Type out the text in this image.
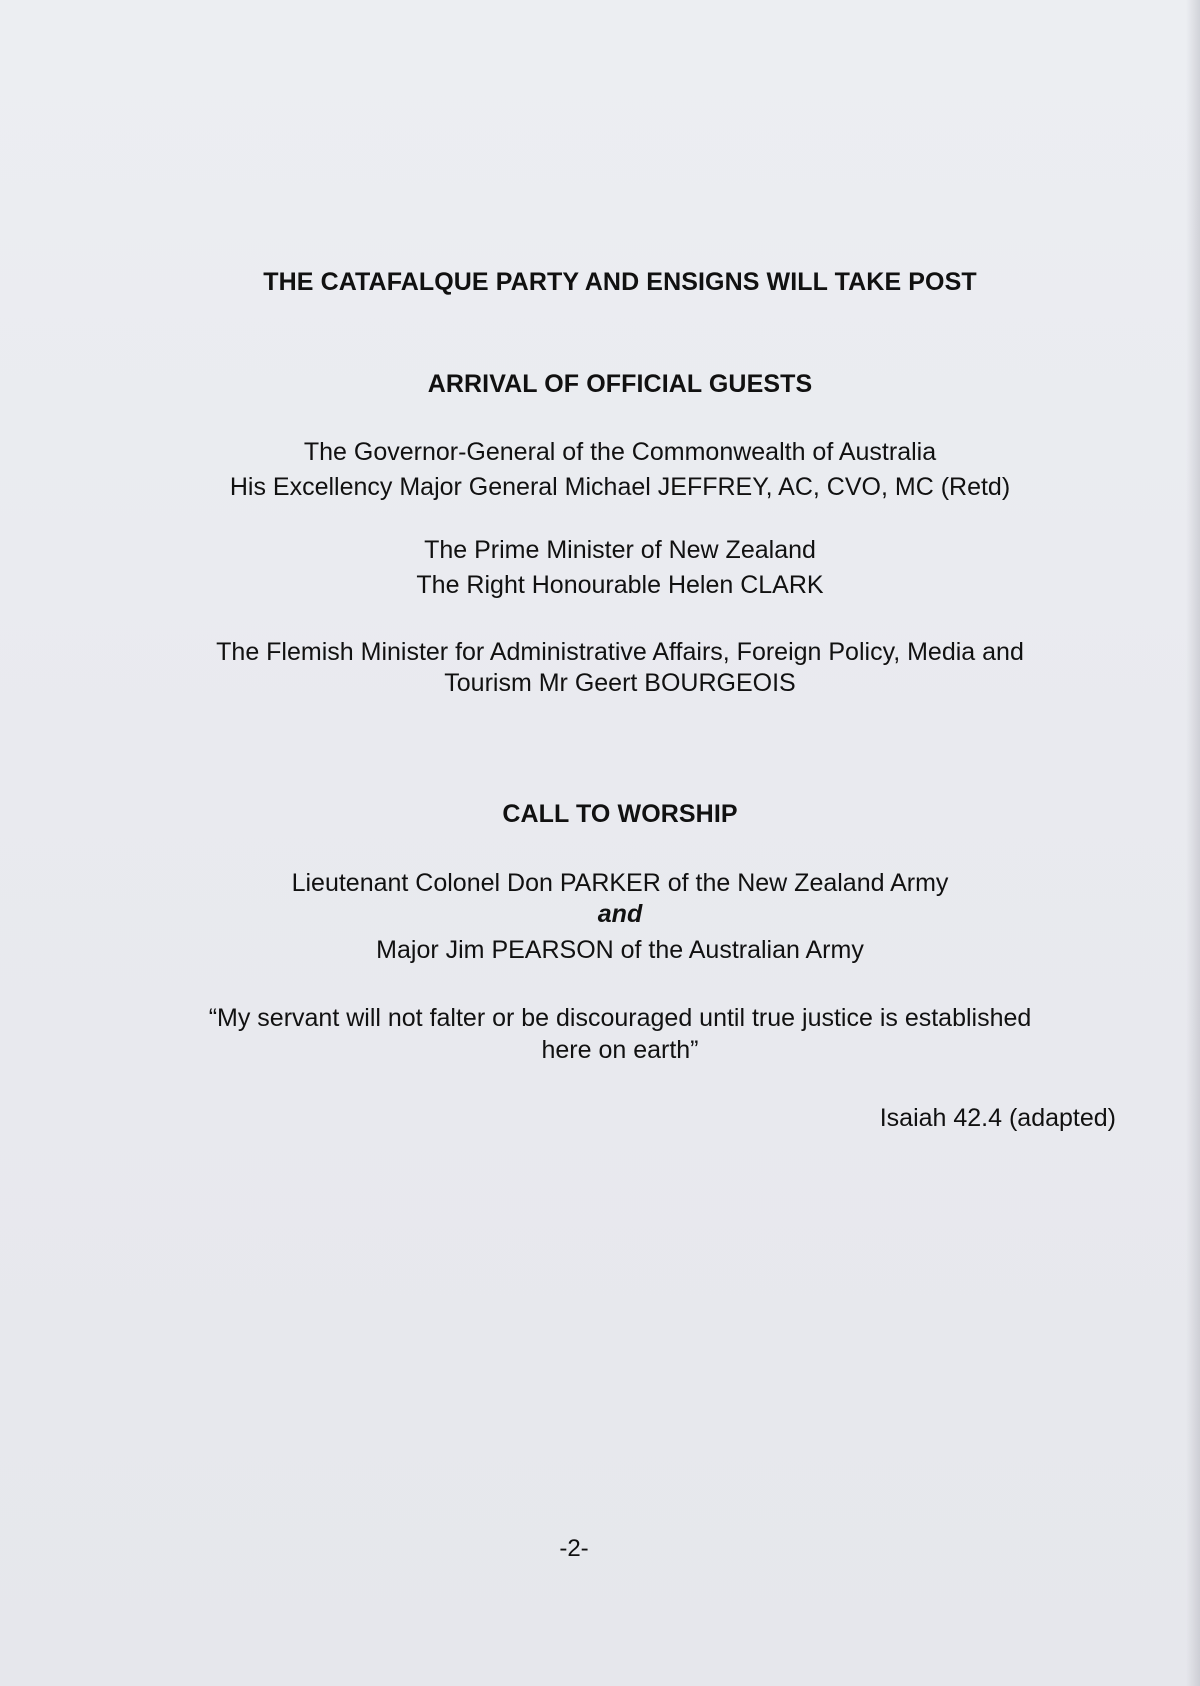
THE CATAFALQUE PARTY AND ENSIGNS WILL TAKE POST
ARRIVAL OF OFFICIAL GUESTS
The Governor-General of the Commonwealth of Australia
His Excellency Major General Michael JEFFREY, AC, CVO, MC (Retd)
The Prime Minister of New Zealand
The Right Honourable Helen CLARK
The Flemish Minister for Administrative Affairs, Foreign Policy, Media and
Tourism Mr Geert BOURGEOIS
CALL TO WORSHIP
Lieutenant Colonel Don PARKER of the New Zealand Army
and
Major Jim PEARSON of the Australian Army
“My servant will not falter or be discouraged until true justice is established
here on earth”
Isaiah 42.4 (adapted)
-2-
